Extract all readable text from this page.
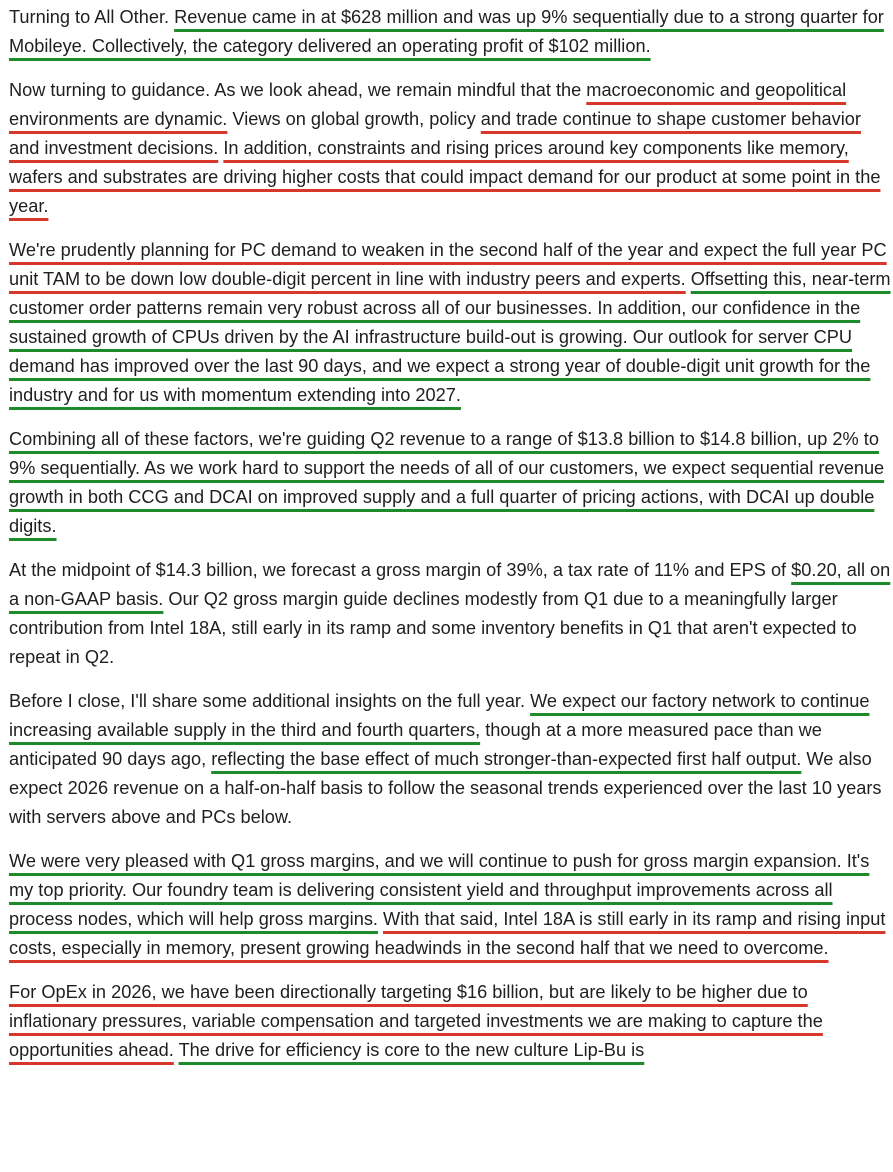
Turning to All Other. Revenue came in at $628 million and was up 9% sequentially due to a strong quarter for Mobileye. Collectively, the category delivered an operating profit of $102 million.

Now turning to guidance. As we look ahead, we remain mindful that the macroeconomic and geopolitical environments are dynamic. Views on global growth, policy and trade continue to shape customer behavior and investment decisions. In addition, constraints and rising prices around key components like memory, wafers and substrates are driving higher costs that could impact demand for our product at some point in the year.

We're prudently planning for PC demand to weaken in the second half of the year and expect the full year PC unit TAM to be down low double-digit percent in line with industry peers and experts. Offsetting this, near-term customer order patterns remain very robust across all of our businesses. In addition, our confidence in the sustained growth of CPUs driven by the AI infrastructure build-out is growing. Our outlook for server CPU demand has improved over the last 90 days, and we expect a strong year of double-digit unit growth for the industry and for us with momentum extending into 2027.

Combining all of these factors, we're guiding Q2 revenue to a range of $13.8 billion to $14.8 billion, up 2% to 9% sequentially. As we work hard to support the needs of all of our customers, we expect sequential revenue growth in both CCG and DCAI on improved supply and a full quarter of pricing actions, with DCAI up double digits.

At the midpoint of $14.3 billion, we forecast a gross margin of 39%, a tax rate of 11% and EPS of $0.20, all on a non-GAAP basis. Our Q2 gross margin guide declines modestly from Q1 due to a meaningfully larger contribution from Intel 18A, still early in its ramp and some inventory benefits in Q1 that aren't expected to repeat in Q2.

Before I close, I'll share some additional insights on the full year. We expect our factory network to continue increasing available supply in the third and fourth quarters, though at a more measured pace than we anticipated 90 days ago, reflecting the base effect of much stronger-than-expected first half output. We also expect 2026 revenue on a half-on-half basis to follow the seasonal trends experienced over the last 10 years with servers above and PCs below.

We were very pleased with Q1 gross margins, and we will continue to push for gross margin expansion. It's my top priority. Our foundry team is delivering consistent yield and throughput improvements across all process nodes, which will help gross margins. With that said, Intel 18A is still early in its ramp and rising input costs, especially in memory, present growing headwinds in the second half that we need to overcome.

For OpEx in 2026, we have been directionally targeting $16 billion, but are likely to be higher due to inflationary pressures, variable compensation and targeted investments we are making to capture the opportunities ahead. The drive for efficiency is core to the new culture Lip-Bu is
